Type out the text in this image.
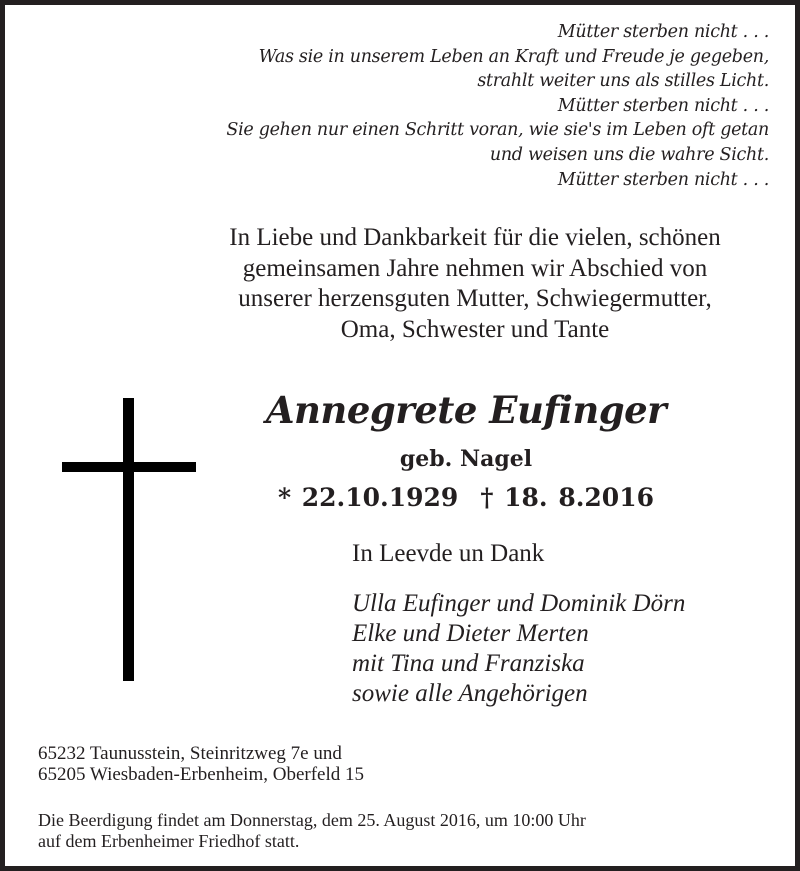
Mütter sterben nicht . . .
Was sie in unserem Leben an Kraft und Freude je gegeben,
strahlt weiter uns als stilles Licht.
Mütter sterben nicht . . .
Sie gehen nur einen Schritt voran, wie sie's im Leben oft getan
und weisen uns die wahre Sicht.
Mütter sterben nicht . . .
In Liebe und Dankbarkeit für die vielen, schönen
gemeinsamen Jahre nehmen wir Abschied von
unserer herzensguten Mutter, Schwiegermutter,
Oma, Schwester und Tante
Annegrete Eufinger
geb. Nagel
* 22.10.1929 † 18. 8.2016
In Leevde un Dank
Ulla Eufinger und Dominik Dörn
Elke und Dieter Merten
mit Tina und Franziska
sowie alle Angehörigen
65232 Taunusstein, Steinritzweg 7e und
65205 Wiesbaden-Erbenheim, Oberfeld 15
Die Beerdigung findet am Donnerstag, dem 25. August 2016, um 10:00 Uhr
auf dem Erbenheimer Friedhof statt.
